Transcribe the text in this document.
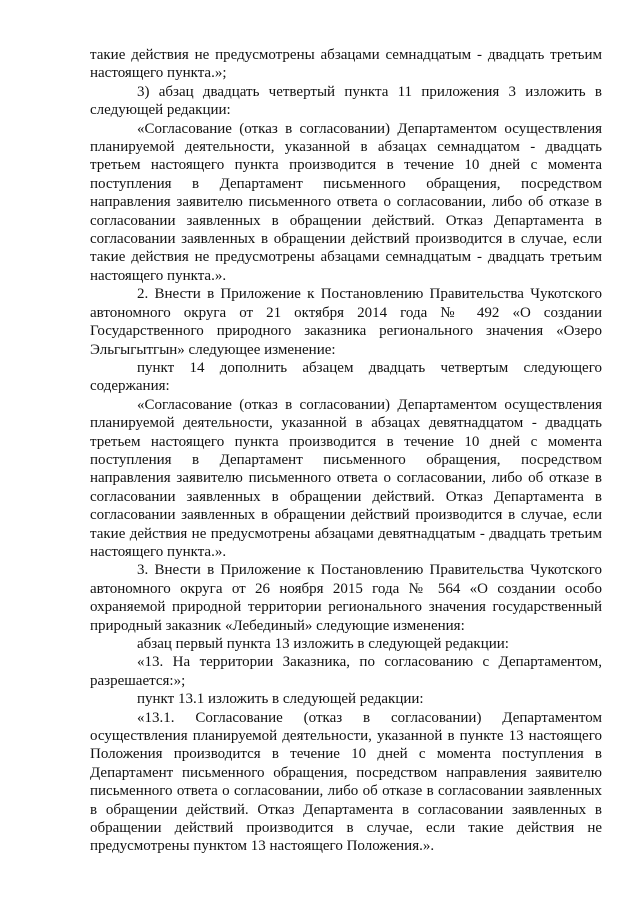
такие действия не предусмотрены абзацами семнадцатым - двадцать третьим настоящего пункта.»;

3) абзац двадцать четвертый пункта 11 приложения 3 изложить в следующей редакции:

«Согласование (отказ в согласовании) Департаментом осуществления планируемой деятельности, указанной в абзацах семнадцатом - двадцать третьем настоящего пункта производится в течение 10 дней с момента поступления в Департамент письменного обращения, посредством направления заявителю письменного ответа о согласовании, либо об отказе в согласовании заявленных в обращении действий. Отказ Департамента в согласовании заявленных в обращении действий производится в случае, если такие действия не предусмотрены абзацами семнадцатым - двадцать третьим настоящего пункта.».

2. Внести в Приложение к Постановлению Правительства Чукотского автономного округа от 21 октября 2014 года № 492 «О создании Государственного природного заказника регионального значения «Озеро Эльгыгытгын» следующее изменение:

пункт 14 дополнить абзацем двадцать четвертым следующего содержания:

«Согласование (отказ в согласовании) Департаментом осуществления планируемой деятельности, указанной в абзацах девятнадцатом - двадцать третьем настоящего пункта производится в течение 10 дней с момента поступления в Департамент письменного обращения, посредством направления заявителю письменного ответа о согласовании, либо об отказе в согласовании заявленных в обращении действий. Отказ Департамента в согласовании заявленных в обращении действий производится в случае, если такие действия не предусмотрены абзацами девятнадцатым - двадцать третьим настоящего пункта.».

3. Внести в Приложение к Постановлению Правительства Чукотского автономного округа от 26 ноября 2015 года № 564 «О создании особо охраняемой природной территории регионального значения государственный природный заказник «Лебединый» следующие изменения:

абзац первый пункта 13 изложить в следующей редакции:

«13. На территории Заказника, по согласованию с Департаментом, разрешается:»;

пункт 13.1 изложить в следующей редакции:

«13.1. Согласование (отказ в согласовании) Департаментом осуществления планируемой деятельности, указанной в пункте 13 настоящего Положения производится в течение 10 дней с момента поступления в Департамент письменного обращения, посредством направления заявителю письменного ответа о согласовании, либо об отказе в согласовании заявленных в обращении действий. Отказ Департамента в согласовании заявленных в обращении действий производится в случае, если такие действия не предусмотрены пунктом 13 настоящего Положения.».
